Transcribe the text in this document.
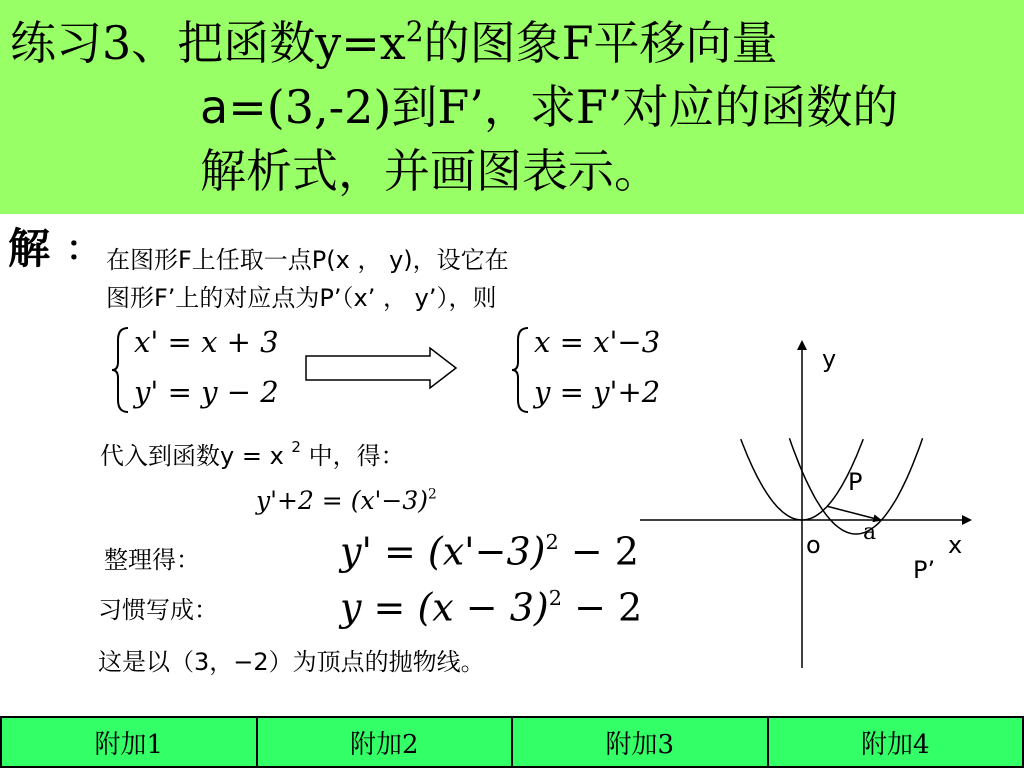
练习3、把函数$y=x^2$的图象F平移向量
a=(3,-2)到F’，求F’对应的函数的
解析式，并画图表示。
解 ： 在图形F上任取一点P(x ， y)，设它在
图形F’上的对应点为P’（x’ ， y’），则
x' = x + 3
y' = y − 2
x = x'−3
y = y'+2
代入到函数y = x $^2$ 中，得：
$y'+2 = (x'-3)^2$
整理得：	$y' = (x'-3)^2 - 2$
习惯写成：	$y = (x - 3)^2 - 2$
这是以（3，−2）为顶点的抛物线。
y
P
a
o	x
P’
附加1	附加2	附加3	附加4
